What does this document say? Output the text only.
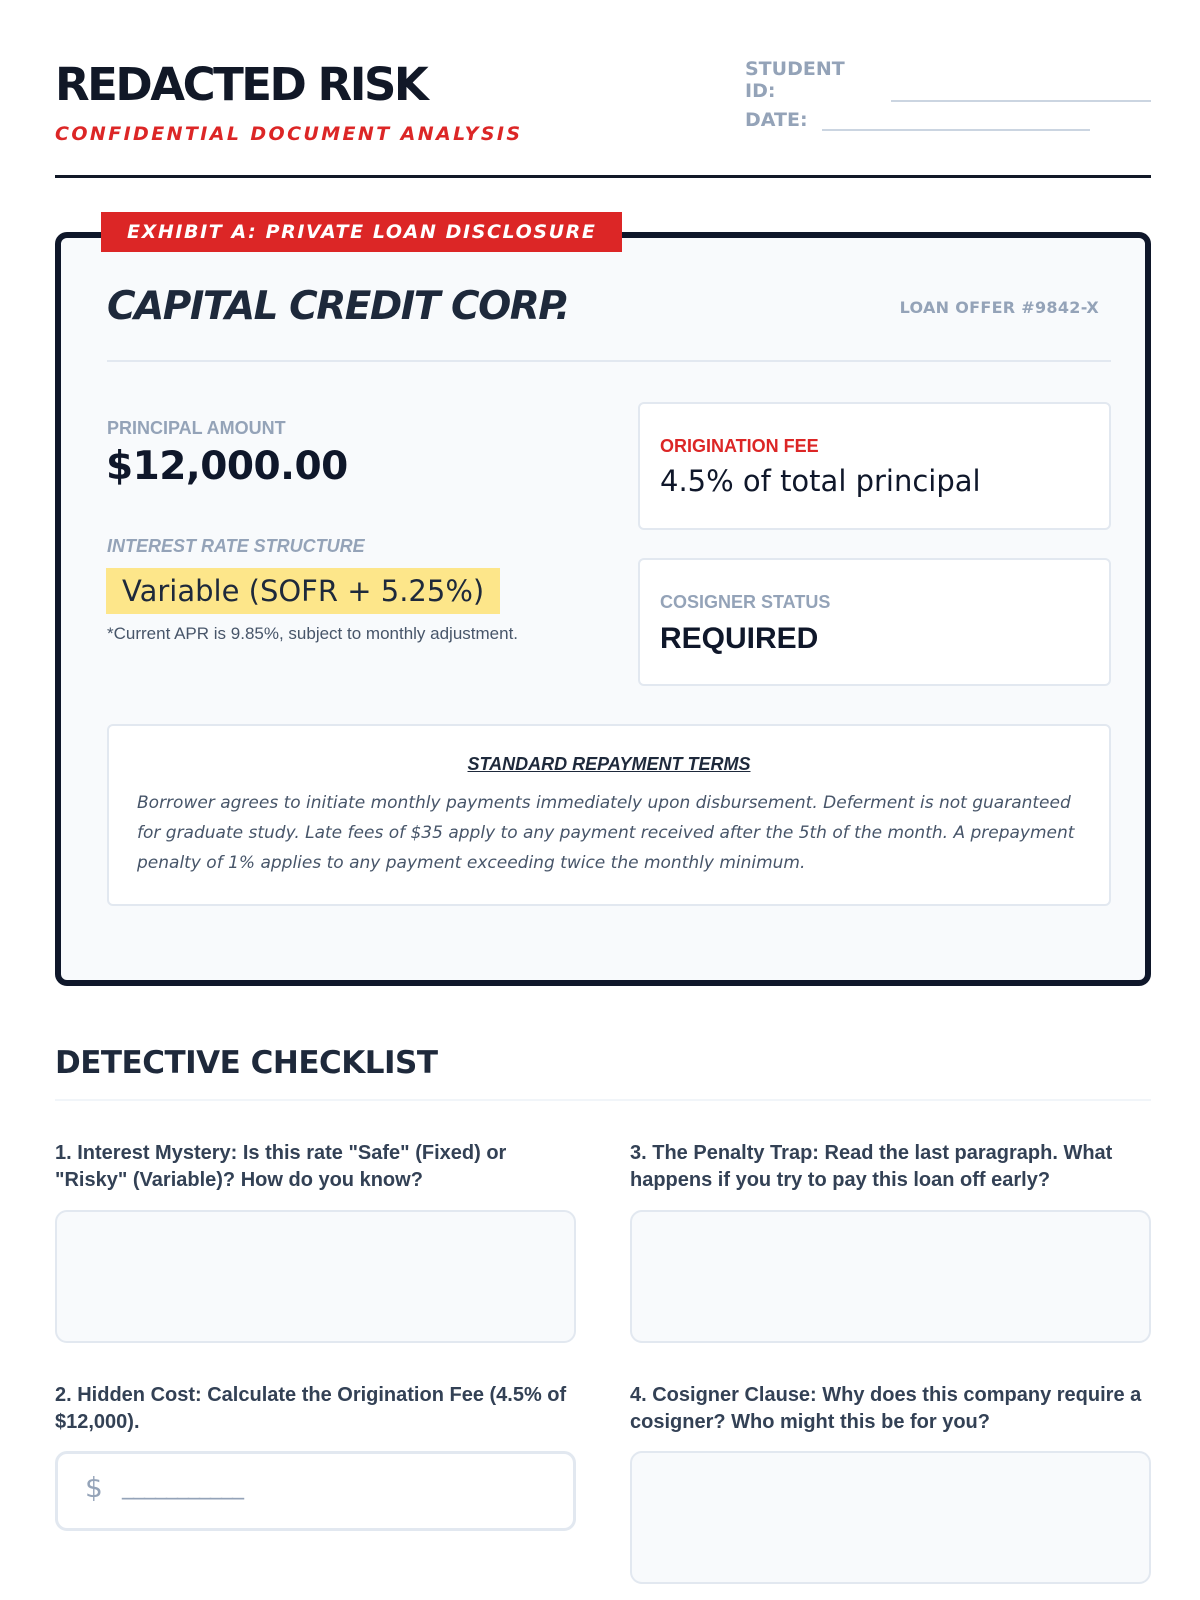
REDACTED RISK
CONFIDENTIAL DOCUMENT ANALYSIS
STUDENT ID:
DATE:
CAPITAL CREDIT CORP.	LOAN OFFER #9842-X
PRINCIPAL AMOUNT
$12,000.00
INTEREST RATE STRUCTURE
Variable (SOFR + 5.25%)
*Current APR is 9.85%, subject to monthly adjustment.
ORIGINATION FEE
4.5% of total principal
COSIGNER STATUS
REQUIRED
STANDARD REPAYMENT TERMS
Borrower agrees to initiate monthly payments immediately upon disbursement. Deferment is not guaranteed for graduate study. Late fees of $35 apply to any payment received after the 5th of the month. A prepayment penalty of 1% applies to any payment exceeding twice the monthly minimum.
EXHIBIT A: PRIVATE LOAN DISCLOSURE
DETECTIVE CHECKLIST
1. Interest Mystery: Is this rate "Safe" (Fixed) or "Risky" (Variable)? How do you know?
2. Hidden Cost: Calculate the Origination Fee (4.5% of $12,000).
$ ___________
3. The Penalty Trap: Read the last paragraph. What happens if you try to pay this loan off early?
4. Cosigner Clause: Why does this company require a cosigner? Who might this be for you?
